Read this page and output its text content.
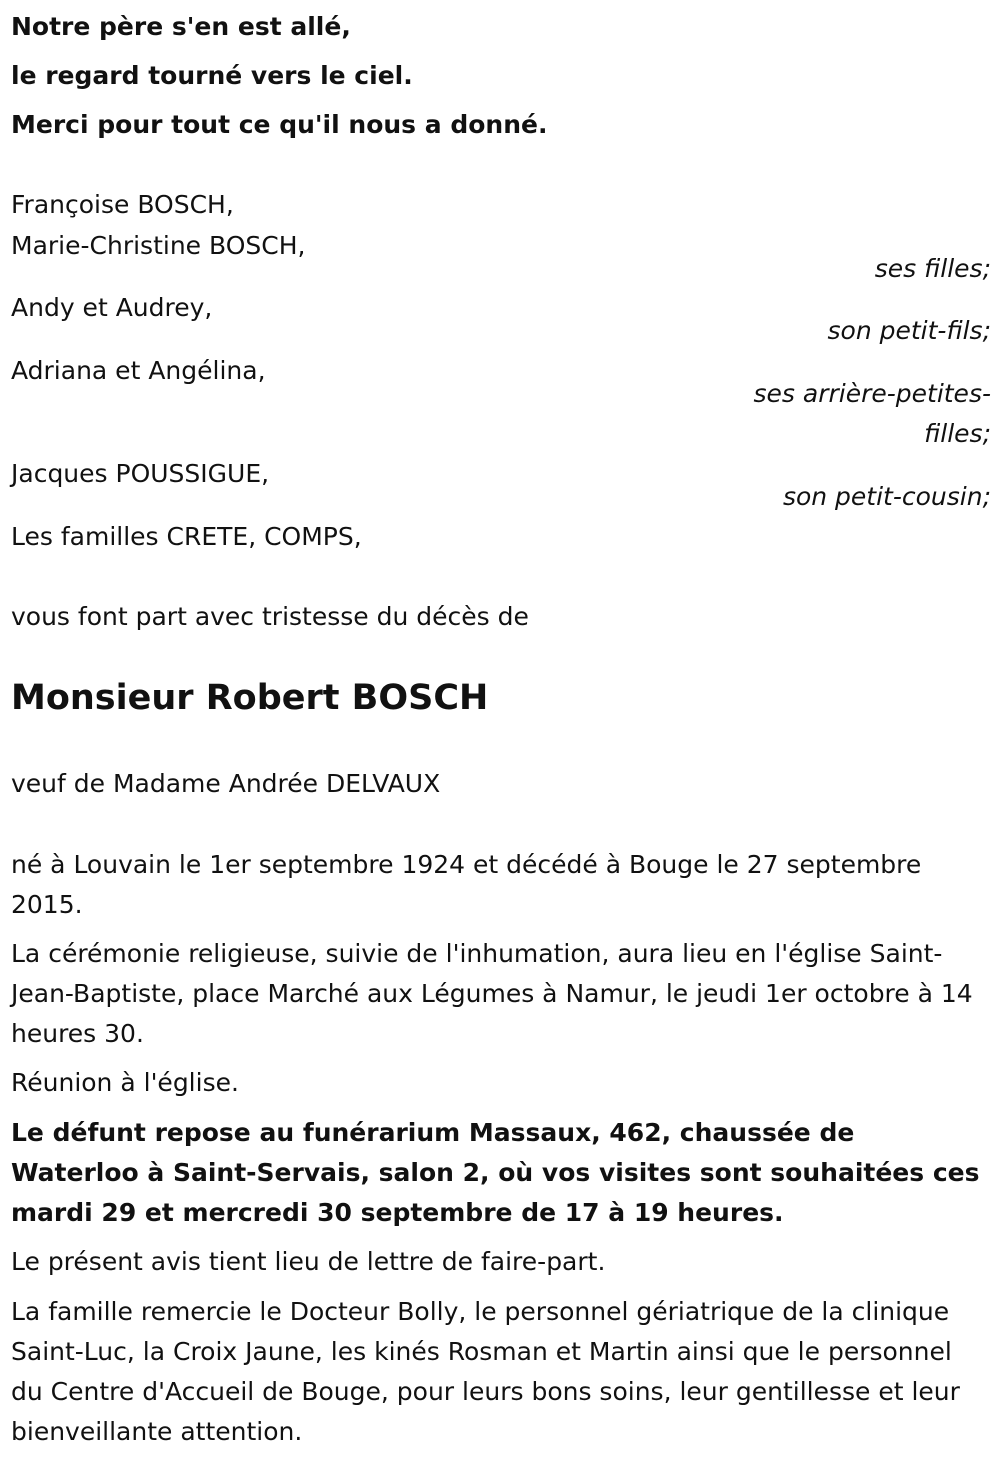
Notre père s'en est allé,
le regard tourné vers le ciel.
Merci pour tout ce qu'il nous a donné.
Françoise BOSCH,
Marie-Christine BOSCH,
ses filles;
Andy et Audrey,
son petit-fils;
Adriana et Angélina,
ses arrière-petites-
filles;
Jacques POUSSIGUE,
son petit-cousin;
Les familles CRETE, COMPS,
vous font part avec tristesse du décès de
Monsieur Robert BOSCH
veuf de Madame Andrée DELVAUX
né à Louvain le 1er septembre 1924 et décédé à Bouge le 27 septembre 2015.
La cérémonie religieuse, suivie de l'inhumation, aura lieu en l'église Saint-Jean-Baptiste, place Marché aux Légumes à Namur, le jeudi 1er octobre à 14 heures 30.
Réunion à l'église.
Le défunt repose au funérarium Massaux, 462, chaussée de Waterloo à Saint-Servais, salon 2, où vos visites sont souhaitées ces mardi 29 et mercredi 30 septembre de 17 à 19 heures.
Le présent avis tient lieu de lettre de faire-part.
La famille remercie le Docteur Bolly, le personnel gériatrique de la clinique Saint-Luc, la Croix Jaune, les kinés Rosman et Martin ainsi que le personnel du Centre d'Accueil de Bouge, pour leurs bons soins, leur gentillesse et leur bienveillante attention.
